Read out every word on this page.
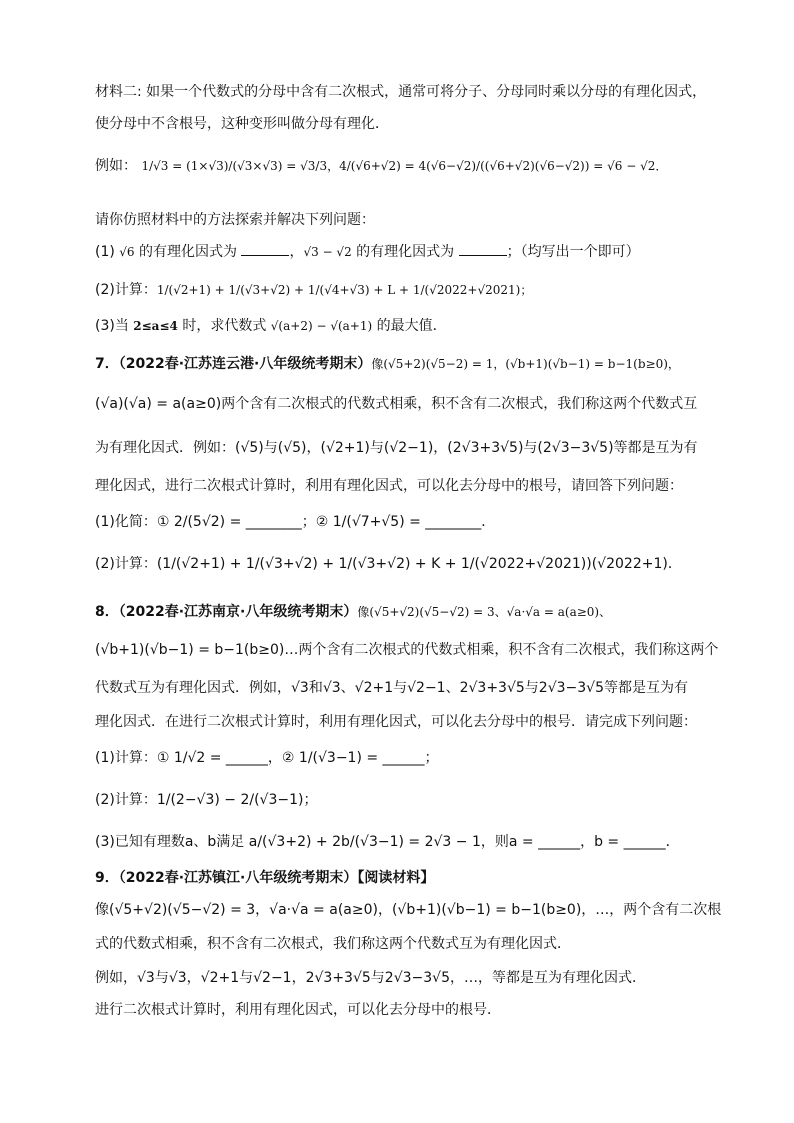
材料二: 如果一个代数式的分母中含有二次根式，通常可将分子、分母同时乘以分母的有理化因式，
使分母中不含根号，这种变形叫做分母有理化．
例如： 1/√3 = (1×√3)/(√3×√3) = √3/3，4/(√6+√2) = 4(√6−√2)/((√6+√2)(√6−√2)) = √6 − √2．
请你仿照材料中的方法探索并解决下列问题：
(1) √6 的有理化因式为	，√3 − √2 的有理化因式为	；（均写出一个即可）
(2)计算：1/(√2+1) + 1/(√3+√2) + 1/(√4+√3) + L + 1/(√2022+√2021)；
(3)当 2≤a≤4 时，求代数式 √(a+2) − √(a+1) 的最大值．
7．（2022春·江苏连云港·八年级统考期末）像(√5+2)(√5−2) = 1，(√b+1)(√b−1) = b−1(b≥0)，
(√a)(√a) = a(a≥0)两个含有二次根式的代数式相乘，积不含有二次根式，我们称这两个代数式互
为有理化因式．例如：(√5)与(√5)，(√2+1)与(√2−1)，(2√3+3√5)与(2√3−3√5)等都是互为有
理化因式，进行二次根式计算时，利用有理化因式，可以化去分母中的根号，请回答下列问题：
(1)化简：① 2/(5√2) = ________；② 1/(√7+√5) = ________．
(2)计算：(1/(√2+1) + 1/(√3+√2) + 1/(√3+√2) + K + 1/(√2022+√2021))(√2022+1)．
8．（2022春·江苏南京·八年级统考期末）像(√5+√2)(√5−√2) = 3、√a·√a = a(a≥0)、
(√b+1)(√b−1) = b−1(b≥0)…两个含有二次根式的代数式相乘，积不含有二次根式，我们称这两个
代数式互为有理化因式．例如，√3和√3、√2+1与√2−1、2√3+3√5与2√3−3√5等都是互为有
理化因式．在进行二次根式计算时，利用有理化因式，可以化去分母中的根号．请完成下列问题：
(1)计算：① 1/√2 = ______，② 1/(√3−1) = ______；
(2)计算：1/(2−√3) − 2/(√3−1)；
(3)已知有理数a、b满足 a/(√3+2) + 2b/(√3−1) = 2√3 − 1，则a = ______，b = ______．
9．（2022春·江苏镇江·八年级统考期末）【阅读材料】
像(√5+√2)(√5−√2) = 3，√a·√a = a(a≥0)，(√b+1)(√b−1) = b−1(b≥0)，…，两个含有二次根
式的代数式相乘，积不含有二次根式，我们称这两个代数式互为有理化因式．
例如，√3与√3，√2+1与√2−1，2√3+3√5与2√3−3√5，…，等都是互为有理化因式．
进行二次根式计算时，利用有理化因式，可以化去分母中的根号．
